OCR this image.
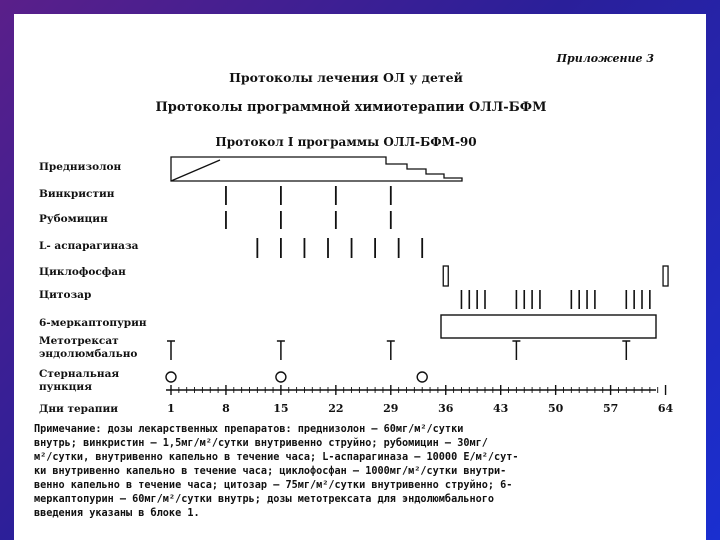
Приложение 3
Протоколы лечения ОЛ у детей
Протоколы программной химиотерапии ОЛЛ-БФМ
Протокол I программы ОЛЛ-БФМ-90
Преднизолон
Винкристин
Рубомицин
L- аспарагиназа
Циклофосфан
Цитозар
6-меркаптопурин
Метотрексат
эндолюмбально
Стернальная
пункция
Дни терапии	1	8	15	22	29	36	43	50	57	64
Примечание: дозы лекарственных препаратов: преднизолон — 60мг/м²/сутки
внутрь; винкристин — 1,5мг/м²/сутки внутривенно струйно; рубомицин — 30мг/
м²/сутки, внутривенно капельно в течение часа; L-аспарагиназа — 10000 Е/м²/сут-
ки внутривенно капельно в течение часа; циклофосфан — 1000мг/м²/сутки внутри-
венно капельно в течение часа; цитозар — 75мг/м²/сутки внутривенно струйно; 6-
меркаптопурин — 60мг/м²/сутки внутрь; дозы метотрексата для эндолюмбального
введения указаны в блоке 1.
